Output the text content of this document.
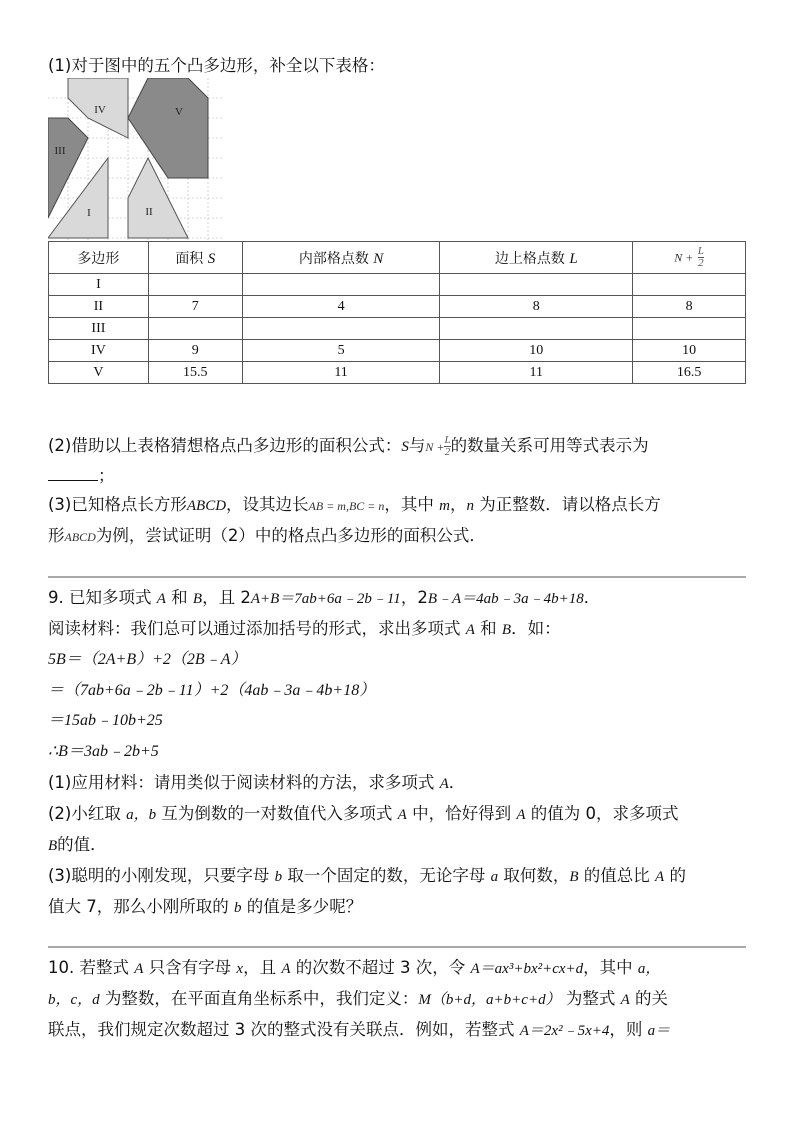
(1)对于图中的五个凸多边形，补全以下表格：
IV	V
III
I	II
多边形	面积 S	内部格点数 N	边上格点数 L	$N + \frac{L}{2}$

I				
II	7	4	8	8
III				
IV	9	5	10	10
V	15.5	11	11	16.5
(2)借助以上表格猜想格点凸多边形的面积公式：S与$N +\frac{L}{2}$ 的数量关系可用等式表示为
；
(3)已知格点长方形ABCD，设其边长AB = m,BC = n，其中 m，n 为正整数．请以格点长方
形ABCD为例，尝试证明（2）中的格点凸多边形的面积公式．
9. 已知多项式 A 和 B，且 2A+B＝7ab+6a﹣2b﹣11，2B﹣A＝4ab﹣3a﹣4b+18．
阅读材料：我们总可以通过添加括号的形式，求出多项式 A 和 B．如：
5B＝（2A+B）+2（2B﹣A）
＝（7ab+6a﹣2b﹣11）+2（4ab﹣3a﹣4b+18）
＝15ab﹣10b+25
∴B＝3ab﹣2b+5
(1)应用材料：请用类似于阅读材料的方法，求多项式 A．
(2)小红取 a，b 互为倒数的一对数值代入多项式 A 中，恰好得到 A 的值为 0，求多项式
B的值．
(3)聪明的小刚发现，只要字母 b 取一个固定的数，无论字母 a 取何数，B 的值总比 A 的
值大 7，那么小刚所取的 b 的值是多少呢？
10. 若整式 A 只含有字母 x，且 A 的次数不超过 3 次，令 A＝ax³+bx²+cx+d，其中 a，
b，c，d 为整数，在平面直角坐标系中，我们定义：M（b+d，a+b+c+d） 为整式 A 的关
联点，我们规定次数超过 3 次的整式没有关联点．例如，若整式 A＝2x²﹣5x+4，则 a＝
